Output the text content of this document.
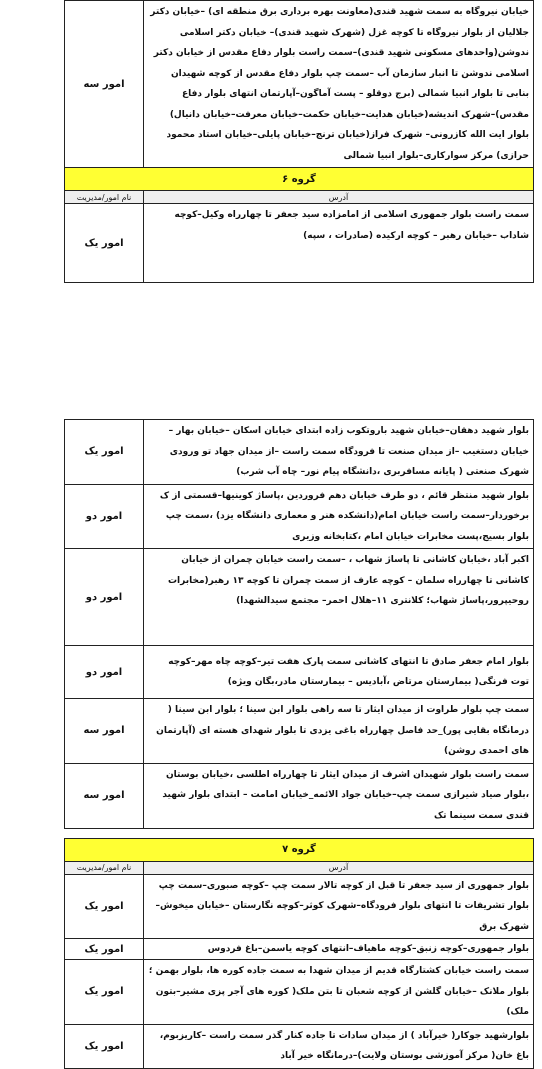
خیابان نیروگاه به سمت شهید قندی(معاونت بهره برداری برق منطقه ای) –خیابان دکتر جلالیان از بلوار نیروگاه تا کوچه غزل (شهرک شهید قندی)– خیابان دکتر اسلامی ندوشن(واحدهای مسکونی شهید قندی)–سمت راست بلوار دفاع مقدس از خیابان دکتر اسلامی ندوشن تا انبار سازمان آب –سمت چپ بلوار دفاع مقدس از کوچه شهیدان بنابی تا بلوار انبیا شمالی (برج دوقلو – پست آماگون–آپارتمان انتهای بلوار دفاع مقدس)–شهرک اندیشه(خیابان هدایت–خیابان حکمت–خیابان معرفت–خیابان دانیال) بلوار ایت الله کازرونی– شهرک فراز(خیابان ترنج–خیابان پایلی–خیابان استاد محمود حرازی) مرکز سوارکاری–بلوار انبیا شمالی	امور سه
گروه ۶	
آدرس	نام امور/مدیریت
سمت راست بلوار جمهوری اسلامی از امامزاده سید جعفر تا چهارراه وکیل–کوچه شاداب –خیابان رهبر – کوچه ارکیده (صادرات ، سپه)	امور یک
بلوار شهید دهقان–خیابان شهید باروتکوب زاده ابتدای خیابان اسکان –خیابان بهار –خیابان دستغیب –از میدان صنعت تا فرودگاه سمت راست –از میدان جهاد تو ورودی شهرک صنعتی ( پایانه مسافربری ،دانشگاه پیام نور– چاه آب شرب)	امور یک
بلوار شهید منتظر قائم ، دو طرف خیابان دهم فروردین ،پاساژ کوینیها–قسمتی از ک برخوردار–سمت راست خیابان امام(دانشکده هنر و معماری دانشگاه یزد) ،سمت چپ بلوار بسیج،پست مخابرات خیابان امام ،کتابخانه وزیری	امور دو
اکبر آباد ،خیابان کاشانی تا پاساژ شهاب ، –سمت راست خیابان چمران از خیابان کاشانی تا چهارراه سلمان – کوچه عارف از سمت چمران تا کوچه ۱۳ رهبر(مخابرات روحیپرور،پاساژ شهاب؛ کلانتری ۱۱–هلال احمر– مجتمع سیدالشهدا)	امور دو
بلوار امام جعفر صادق تا انتهای کاشانی سمت پارک هفت تیر–کوچه چاه مهر–کوچه توت فرنگی( بیمارستان مرتاض ،آبادیس – بیمارستان مادر،بگان ویژه)	امور دو
سمت چپ بلوار طراوت از میدان ایثار تا سه راهی بلوار ابن سینا ؛ بلوار ابن سینا ( درمانگاه بقایی پور)_حد فاصل چهارراه باغی یزدی تا بلوار شهدای هسته ای (آپارتمان های احمدی روشن)	امور سه
سمت راست بلوار شهیدان اشرف از میدان ایثار تا چهارراه اطلسی ،خیابان بوستان ،بلوار صیاد شیرازی سمت چپ–خیابان جواد الائمه_خیابان امامت – ابتدای بلوار شهید قندی سمت سینما تک	امور سه

گروه ۷	
آدرس	نام امور/مدیریت
بلوار جمهوری از سید جعفر تا قبل از کوچه تالار سمت چپ –کوچه صبوری–سمت چپ بلوار تشریفات تا انتهای بلوار فرودگاه–شهرک کوثر–کوچه نگارستان –خیابان میخوش–شهرک برق	امور یک
بلوار جمهوری–کوچه زنبق–کوچه ماهیاف–انتهای کوچه یاسمن–باغ فردوس	امور یک
سمت راست خیابان کشتارگاه قدیم از میدان شهدا به سمت جاده کوره ها، بلوار بهمن ؛بلوار ملانک –خیابان گلشن از کوچه شعبان تا بتن ملک( کوره های آجر پزی مشیر–بتون ملک)	امور یک
بلوارشهید جوکار( خیرآباد ) از میدان سادات تا جاده کنار گذر سمت راست –کاریزبوم، باغ خان( مرکز آموزشی بوستان ولایت)–درمانگاه خیر آباد	امور یک
